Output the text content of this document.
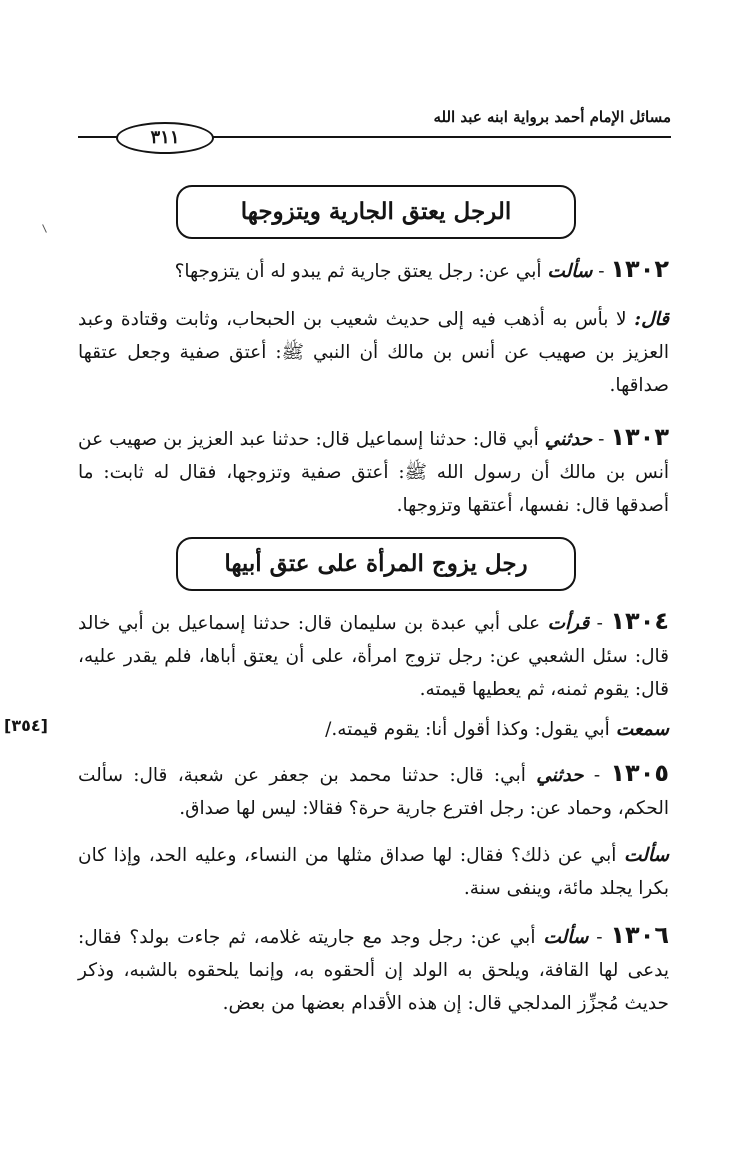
مسائل الإمام أحمد برواية ابنه عبد الله
٣١١
الرجل يعتق الجارية ويتزوجها
١٣٠٢ - سألت أبي عن: رجل يعتق جارية ثم يبدو له أن يتزوجها؟
قال: لا بأس به أذهب فيه إلى حديث شعيب بن الحبحاب، وثابت وقتادة وعبد العزيز بن صهيب عن أنس بن مالك أن النبي ﷺ: أعتق صفية وجعل عتقها صداقها.
١٣٠٣ - حدثني أبي قال: حدثنا إسماعيل قال: حدثنا عبد العزيز بن صهيب عن أنس بن مالك أن رسول الله ﷺ: أعتق صفية وتزوجها، فقال له ثابت: ما أصدقها قال: نفسها، أعتقها وتزوجها.
رجل يزوج المرأة على عتق أبيها
١٣٠٤ - قرأت على أبي عبدة بن سليمان قال: حدثنا إسماعيل بن أبي خالد قال: سئل الشعبي عن: رجل تزوج امرأة، على أن يعتق أباها، فلم يقدر عليه، قال: يقوم ثمنه، ثم يعطيها قيمته.
سمعت أبي يقول: وكذا أقول أنا: يقوم قيمته./
[٣٥٤]
١٣٠٥ - حدثني أبي: قال: حدثنا محمد بن جعفر عن شعبة، قال: سألت الحكم، وحماد عن: رجل افترع جارية حرة؟ فقالا: ليس لها صداق.
سألت أبي عن ذلك؟ فقال: لها صداق مثلها من النساء، وعليه الحد، وإذا كان بكرا يجلد مائة، وينفى سنة.
١٣٠٦ - سألت أبي عن: رجل وجد مع جاريته غلامه، ثم جاءت بولد؟ فقال: يدعى لها القافة، ويلحق به الولد إن ألحقوه به، وإنما يلحقوه بالشبه، وذكر حديث مُجزِّز المدلجي قال: إن هذه الأقدام بعضها من بعض.
